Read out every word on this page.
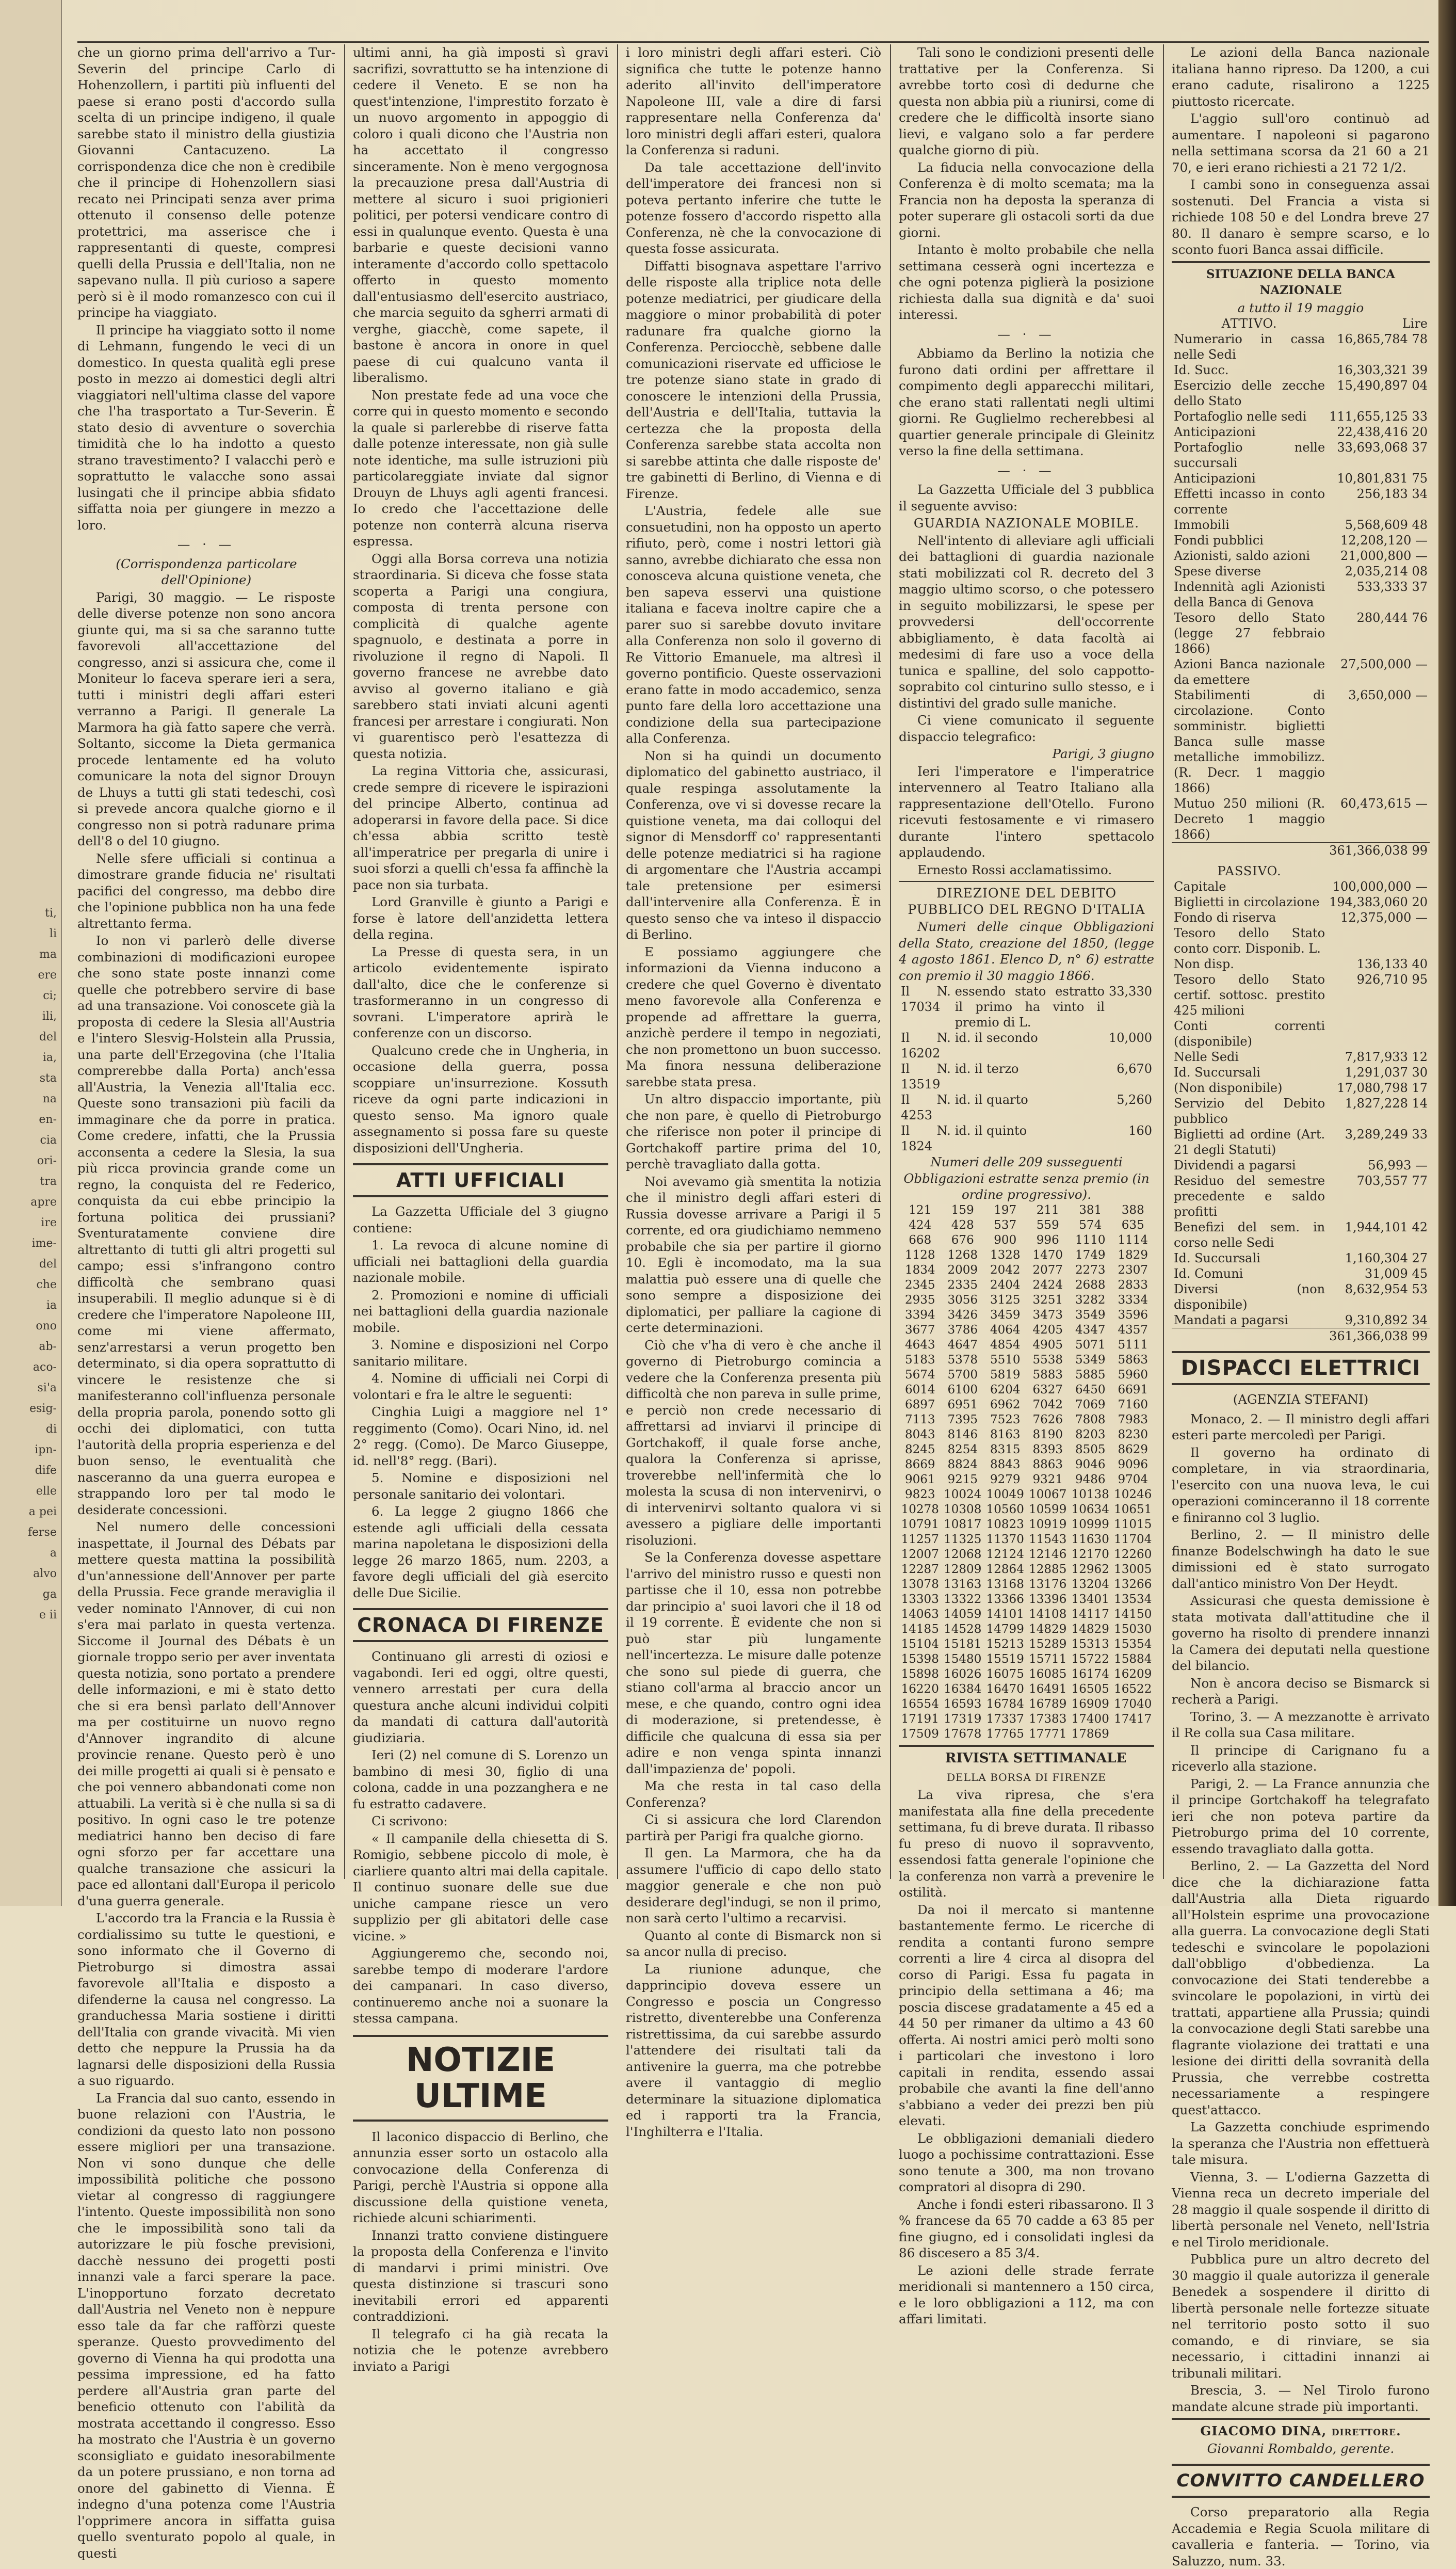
ti,
li
ma
ere
ci;
ili,
del
ia,
sta
na
en-
cia
ori-
tra
apre
ire
ime-
del
che
ia
ono
ab-
aco-
si'a
esig-
di
ipn-
dife
elle
a pei
ferse
a
alvo
ga
e ii

che un giorno prima dell'arrivo a Tur-Severin del principe Carlo di Hohenzollern, i partiti più influenti del paese si erano posti d'accordo sulla scelta di un principe indigeno, il quale sarebbe stato il ministro della giustizia Giovanni Cantacuzeno. La corrispondenza dice che non è credibile che il principe di Hohenzollern siasi recato nei Principati senza aver prima ottenuto il consenso delle potenze protettrici, ma asserisce che i rappresentanti di queste, compresi quelli della Prussia e dell'Italia, non ne sapevano nulla. Il più curioso a sapere però si è il modo romanzesco con cui il principe ha viaggiato.

Il principe ha viaggiato sotto il nome di Lehmann, fungendo le veci di un domestico. In questa qualità egli prese posto in mezzo ai domestici degli altri viaggiatori nell'ultima classe del vapore che l'ha trasportato a Tur-Severin. È stato desio di avventure o soverchia timidità che lo ha indotto a questo strano travestimento? I valacchi però e soprattutto le valacche sono assai lusingati che il principe abbia sfidato siffatta noia per giungere in mezzo a loro.

— · —

(Corrispondenza particolare dell'Opinione)

Parigi, 30 maggio. — Le risposte delle diverse potenze non sono ancora giunte qui, ma si sa che saranno tutte favorevoli all'accettazione del congresso, anzi si assicura che, come il Moniteur lo faceva sperare ieri a sera, tutti i ministri degli affari esteri verranno a Parigi. Il generale La Marmora ha già fatto sapere che verrà. Soltanto, siccome la Dieta germanica procede lentamente ed ha voluto comunicare la nota del signor Drouyn de Lhuys a tutti gli stati tedeschi, così si prevede ancora qualche giorno e il congresso non si potrà radunare prima dell'8 o del 10 giugno.

Nelle sfere ufficiali si continua a dimostrare grande fiducia ne' risultati pacifici del congresso, ma debbo dire che l'opinione pubblica non ha una fede altrettanto ferma.

Io non vi parlerò delle diverse combinazioni di modificazioni europee che sono state poste innanzi come quelle che potrebbero servire di base ad una transazione. Voi conoscete già la proposta di cedere la Slesia all'Austria e l'intero Slesvig-Holstein alla Prussia, una parte dell'Erzegovina (che l'Italia comprerebbe dalla Porta) anch'essa all'Austria, la Venezia all'Italia ecc. Queste sono transazioni più facili da immaginare che da porre in pratica. Come credere, infatti, che la Prussia acconsenta a cedere la Slesia, la sua più ricca provincia grande come un regno, la conquista del re Federico, conquista da cui ebbe principio la fortuna politica dei prussiani? Sventuratamente conviene dire altrettanto di tutti gli altri progetti sul campo; essi s'infrangono contro difficoltà che sembrano quasi insuperabili. Il meglio adunque si è di credere che l'imperatore Napoleone III, come mi viene affermato, senz'arrestarsi a verun progetto ben determinato, si dia opera soprattutto di vincere le resistenze che si manifesteranno coll'influenza personale della propria parola, ponendo sotto gli occhi dei diplomatici, con tutta l'autorità della propria esperienza e del buon senso, le eventualità che nasceranno da una guerra europea e strappando loro per tal modo le desiderate concessioni.

Nel numero delle concessioni inaspettate, il Journal des Débats par mettere questa mattina la possibilità d'un'annessione dell'Annover per parte della Prussia. Fece grande meraviglia il veder nominato l'Annover, di cui non s'era mai parlato in questa vertenza. Siccome il Journal des Débats è un giornale troppo serio per aver inventata questa notizia, sono portato a prendere delle informazioni, e mi è stato detto che si era bensì parlato dell'Annover ma per costituirne un nuovo regno d'Annover ingrandito di alcune provincie renane. Questo però è uno dei mille progetti ai quali si è pensato e che poi vennero abbandonati come non attuabili. La verità si è che nulla si sa di positivo. In ogni caso le tre potenze mediatrici hanno ben deciso di fare ogni sforzo per far accettare una qualche transazione che assicuri la pace ed allontani dall'Europa il pericolo d'una guerra generale.

L'accordo tra la Francia e la Russia è cordialissimo su tutte le questioni, e sono informato che il Governo di Pietroburgo si dimostra assai favorevole all'Italia e disposto a difenderne la causa nel congresso. La granduchessa Maria sostiene i diritti dell'Italia con grande vivacità. Mi vien detto che neppure la Prussia ha da lagnarsi delle disposizioni della Russia a suo riguardo.

La Francia dal suo canto, essendo in buone relazioni con l'Austria, le condizioni da questo lato non possono essere migliori per una transazione. Non vi sono dunque che delle impossibilità politiche che possono vietar al congresso di raggiungere l'intento. Queste impossibilità non sono che le impossibilità sono tali da autorizzare le più fosche previsioni, dacchè nessuno dei progetti posti innanzi vale a farci sperare la pace. L'inopportuno forzato decretato dall'Austria nel Veneto non è neppure esso tale da far che raffòrzi queste speranze. Questo provvedimento del governo di Vienna ha qui prodotta una pessima impressione, ed ha fatto perdere all'Austria gran parte del beneficio ottenuto con l'abilità da mostrata accettando il congresso. Esso ha mostrato che l'Austria è un governo sconsigliato e guidato inesorabilmente da un potere prussiano, e non torna ad onore del gabinetto di Vienna. È indegno d'una potenza come l'Austria l'opprimere ancora in siffatta guisa quello sventurato popolo al quale, in questi

ultimi anni, ha già imposti sì gravi sacrifizi, sovrattutto se ha intenzione di cedere il Veneto. E se non ha quest'intenzione, l'imprestito forzato è un nuovo argomento in appoggio di coloro i quali dicono che l'Austria non ha accettato il congresso sinceramente. Non è meno vergognosa la precauzione presa dall'Austria di mettere al sicuro i suoi prigionieri politici, per potersi vendicare contro di essi in qualunque evento. Questa è una barbarie e queste decisioni vanno interamente d'accordo collo spettacolo offerto in questo momento dall'entusiasmo dell'esercito austriaco, che marcia seguito da sgherri armati di verghe, giacchè, come sapete, il bastone è ancora in onore in quel paese di cui qualcuno vanta il liberalismo.

Non prestate fede ad una voce che corre qui in questo momento e secondo la quale si parlerebbe di riserve fatta dalle potenze interessate, non già sulle note identiche, ma sulle istruzioni più particolareggiate inviate dal signor Drouyn de Lhuys agli agenti francesi. Io credo che l'accettazione delle potenze non conterrà alcuna riserva espressa.

Oggi alla Borsa correva una notizia straordinaria. Si diceva che fosse stata scoperta a Parigi una congiura, composta di trenta persone con complicità di qualche agente spagnuolo, e destinata a porre in rivoluzione il regno di Napoli. Il governo francese ne avrebbe dato avviso al governo italiano e già sarebbero stati inviati alcuni agenti francesi per arrestare i congiurati. Non vi guarentisco però l'esattezza di questa notizia.

La regina Vittoria che, assicurasi, crede sempre di ricevere le ispirazioni del principe Alberto, continua ad adoperarsi in favore della pace. Si dice ch'essa abbia scritto testè all'imperatrice per pregarla di unire i suoi sforzi a quelli ch'essa fa affinchè la pace non sia turbata.

Lord Granville è giunto a Parigi e forse è latore dell'anzidetta lettera della regina.

La Presse di questa sera, in un articolo evidentemente ispirato dall'alto, dice che le conferenze si trasformeranno in un congresso di sovrani. L'imperatore aprirà le conferenze con un discorso.

Qualcuno crede che in Ungheria, in occasione della guerra, possa scoppiare un'insurrezione. Kossuth riceve da ogni parte indicazioni in questo senso. Ma ignoro quale assegnamento si possa fare su queste disposizioni dell'Ungheria.

ATTI UFFICIALI

La Gazzetta Ufficiale del 3 giugno contiene:

1. La revoca di alcune nomine di ufficiali nei battaglioni della guardia nazionale mobile.

2. Promozioni e nomine di ufficiali nei battaglioni della guardia nazionale mobile.

3. Nomine e disposizioni nel Corpo sanitario militare.

4. Nomine di ufficiali nei Corpi di volontari e fra le altre le seguenti:

Cinghia Luigi a maggiore nel 1° reggimento (Como). Ocari Nino, id. nel 2° regg. (Como). De Marco Giuseppe, id. nell'8° regg. (Bari).

5. Nomine e disposizioni nel personale sanitario dei volontari.

6. La legge 2 giugno 1866 che estende agli ufficiali della cessata marina napoletana le disposizioni della legge 26 marzo 1865, num. 2203, a favore degli ufficiali del già esercito delle Due Sicilie.

CRONACA DI FIRENZE

Continuano gli arresti di oziosi e vagabondi. Ieri ed oggi, oltre questi, vennero arrestati per cura della questura anche alcuni individui colpiti da mandati di cattura dall'autorità giudiziaria.

Ieri (2) nel comune di S. Lorenzo un bambino di mesi 30, figlio di una colona, cadde in una pozzanghera e ne fu estratto cadavere.

Ci scrivono:

« Il campanile della chiesetta di S. Romigio, sebbene piccolo di mole, è ciarliere quanto altri mai della capitale. Il continuo suonare delle sue due uniche campane riesce un vero supplizio per gli abitatori delle case vicine. »

Aggiungeremo che, secondo noi, sarebbe tempo di moderare l'ardore dei campanari. In caso diverso, continueremo anche noi a suonare la stessa campana.

NOTIZIE ULTIME

Il laconico dispaccio di Berlino, che annunzia esser sorto un ostacolo alla convocazione della Conferenza di Parigi, perchè l'Austria si oppone alla discussione della quistione veneta, richiede alcuni schiarimenti.

Innanzi tratto conviene distinguere la proposta della Conferenza e l'invito di mandarvi i primi ministri. Ove questa distinzione si trascuri sono inevitabili errori ed apparenti contraddizioni.

Il telegrafo ci ha già recata la notizia che le potenze avrebbero inviato a Parigi

i loro ministri degli affari esteri. Ciò significa che tutte le potenze hanno aderito all'invito dell'imperatore Napoleone III, vale a dire di farsi rappresentare nella Conferenza da' loro ministri degli affari esteri, qualora la Conferenza si raduni.

Da tale accettazione dell'invito dell'imperatore dei francesi non si poteva pertanto inferire che tutte le potenze fossero d'accordo rispetto alla Conferenza, nè che la convocazione di questa fosse assicurata.

Diffatti bisognava aspettare l'arrivo delle risposte alla triplice nota delle potenze mediatrici, per giudicare della maggiore o minor probabilità di poter radunare fra qualche giorno la Conferenza. Perciocchè, sebbene dalle comunicazioni riservate ed ufficiose le tre potenze siano state in grado di conoscere le intenzioni della Prussia, dell'Austria e dell'Italia, tuttavia la certezza che la proposta della Conferenza sarebbe stata accolta non si sarebbe attinta che dalle risposte de' tre gabinetti di Berlino, di Vienna e di Firenze.

L'Austria, fedele alle sue consuetudini, non ha opposto un aperto rifiuto, però, come i nostri lettori già sanno, avrebbe dichiarato che essa non conosceva alcuna quistione veneta, che ben sapeva esservi una quistione italiana e faceva inoltre capire che a parer suo si sarebbe dovuto invitare alla Conferenza non solo il governo di Re Vittorio Emanuele, ma altresì il governo pontificio. Queste osservazioni erano fatte in modo accademico, senza punto fare della loro accettazione una condizione della sua partecipazione alla Conferenza.

Non si ha quindi un documento diplomatico del gabinetto austriaco, il quale respinga assolutamente la Conferenza, ove vi si dovesse recare la quistione veneta, ma dai colloqui del signor di Mensdorff co' rappresentanti delle potenze mediatrici si ha ragione di argomentare che l'Austria accampi tale pretensione per esimersi dall'intervenire alla Conferenza. È in questo senso che va inteso il dispaccio di Berlino.

E possiamo aggiungere che informazioni da Vienna inducono a credere che quel Governo è diventato meno favorevole alla Conferenza e propende ad affrettare la guerra, anzichè perdere il tempo in negoziati, che non promettono un buon successo. Ma finora nessuna deliberazione sarebbe stata presa.

Un altro dispaccio importante, più che non pare, è quello di Pietroburgo che riferisce non poter il principe di Gortchakoff partire prima del 10, perchè travagliato dalla gotta.

Noi avevamo già smentita la notizia che il ministro degli affari esteri di Russia dovesse arrivare a Parigi il 5 corrente, ed ora giudichiamo nemmeno probabile che sia per partire il giorno 10. Egli è incomodato, ma la sua malattia può essere una di quelle che sono sempre a disposizione dei diplomatici, per palliare la cagione di certe determinazioni.

Ciò che v'ha di vero è che anche il governo di Pietroburgo comincia a vedere che la Conferenza presenta più difficoltà che non pareva in sulle prime, e perciò non crede necessario di affrettarsi ad inviarvi il principe di Gortchakoff, il quale forse anche, qualora la Conferenza si aprisse, troverebbe nell'infermità che lo molesta la scusa di non intervenirvi, o di intervenirvi soltanto qualora vi si avessero a pigliare delle importanti risoluzioni.

Se la Conferenza dovesse aspettare l'arrivo del ministro russo e questi non partisse che il 10, essa non potrebbe dar principio a' suoi lavori che il 18 od il 19 corrente. È evidente che non si può star più lungamente nell'incertezza. Le misure dalle potenze che sono sul piede di guerra, che stiano coll'arma al braccio ancor un mese, e che quando, contro ogni idea di moderazione, si pretendesse, è difficile che qualcuna di essa sia per adire e non venga spinta innanzi dall'impazienza de' popoli.

Ma che resta in tal caso della Conferenza?

Ci si assicura che lord Clarendon partirà per Parigi fra qualche giorno.

Il gen. La Marmora, che ha da assumere l'ufficio di capo dello stato maggior generale e che non può desiderare degl'indugi, se non il primo, non sarà certo l'ultimo a recarvisi.

Quanto al conte di Bismarck non si sa ancor nulla di preciso.

La riunione adunque, che dapprincipio doveva essere un Congresso e poscia un Congresso ristretto, diventerebbe una Conferenza ristrettissima, da cui sarebbe assurdo l'attendere dei risultati tali da antivenire la guerra, ma che potrebbe avere il vantaggio di meglio determinare la situazione diplomatica ed i rapporti tra la Francia, l'Inghilterra e l'Italia.

Tali sono le condizioni presenti delle trattative per la Conferenza. Si avrebbe torto così di dedurne che questa non abbia più a riunirsi, come di credere che le difficoltà insorte siano lievi, e valgano solo a far perdere qualche giorno di più.

La fiducia nella convocazione della Conferenza è di molto scemata; ma la Francia non ha deposta la speranza di poter superare gli ostacoli sorti da due giorni.

Intanto è molto probabile che nella settimana cesserà ogni incertezza e che ogni potenza piglierà la posizione richiesta dalla sua dignità e da' suoi interessi.

— · —

Abbiamo da Berlino la notizia che furono dati ordini per affrettare il compimento degli apparecchi militari, che erano stati rallentati negli ultimi giorni. Re Guglielmo recherebbesi al quartier generale principale di Gleinitz verso la fine della settimana.

— · —

La Gazzetta Ufficiale del 3 pubblica il seguente avviso:

GUARDIA NAZIONALE MOBILE.

Nell'intento di alleviare agli ufficiali dei battaglioni di guardia nazionale stati mobilizzati col R. decreto del 3 maggio ultimo scorso, o che potessero in seguito mobilizzarsi, le spese per provvedersi dell'occorrente abbigliamento, è data facoltà ai medesimi di fare uso a voce della tunica e spalline, del solo cappotto-soprabito col cinturino sullo stesso, e i distintivi del grado sulle maniche.

Ci viene comunicato il seguente dispaccio telegrafico:

Parigi, 3 giugno

Ieri l'imperatore e l'imperatrice intervennero al Teatro Italiano alla rappresentazione dell'Otello. Furono ricevuti festosamente e vi rimasero durante l'intero spettacolo applaudendo.

Ernesto Rossi acclamatissimo.

DIREZIONE DEL DEBITO PUBBLICO DEL REGNO D'ITALIA

Numeri delle cinque Obbligazioni della Stato, creazione del 1850, (legge 4 agosto 1861. Elenco D, n° 6) estratte con premio il 30 maggio 1866.

Il N. 17034	essendo stato estratto il primo ha vinto il premio di L.	33,330
Il N. 16202	id. il secondo	10,000
Il N. 13519	id. il terzo	6,670
Il N. 4253	id. il quarto	5,260
Il N. 1824	id. il quinto	160

Numeri delle 209 susseguenti Obbligazioni estratte senza premio (in ordine progressivo).

121	159	197	211	381	388
424	428	537	559	574	635
668	676	900	996	1110	1114
1128	1268	1328	1470	1749	1829
1834	2009	2042	2077	2273	2307
2345	2335	2404	2424	2688	2833
2935	3056	3125	3251	3282	3334
3394	3426	3459	3473	3549	3596
3677	3786	4064	4205	4347	4357
4643	4647	4854	4905	5071	5111
5183	5378	5510	5538	5349	5863
5674	5700	5819	5883	5885	5960
6014	6100	6204	6327	6450	6691
6897	6951	6962	7042	7069	7160
7113	7395	7523	7626	7808	7983
8043	8146	8163	8190	8203	8230
8245	8254	8315	8393	8505	8629
8669	8824	8843	8863	9046	9096
9061	9215	9279	9321	9486	9704
9823	10024	10049	10067	10138	10246
10278	10308	10560	10599	10634	10651
10791	10817	10823	10919	10999	11015
11257	11325	11370	11543	11630	11704
12007	12068	12124	12146	12170	12260
12287	12809	12864	12885	12962	13005
13078	13163	13168	13176	13204	13266
13303	13322	13366	13396	13401	13534
14063	14059	14101	14108	14117	14150
14185	14528	14799	14829	14829	15030
15104	15181	15213	15289	15313	15354
15398	15480	15519	15711	15722	15884
15898	16026	16075	16085	16174	16209
16220	16384	16470	16491	16505	16522
16554	16593	16784	16789	16909	17040
17191	17319	17337	17383	17400	17417
17509	17678	17765	17771	17869	

RIVISTA SETTIMANALE

DELLA BORSA DI FIRENZE

La viva ripresa, che s'era manifestata alla fine della precedente settimana, fu di breve durata. Il ribasso fu preso di nuovo il sopravvento, essendosi fatta generale l'opinione che la conferenza non varrà a prevenire le ostilità.

Da noi il mercato si mantenne bastantemente fermo. Le ricerche di rendita a contanti furono sempre correnti a lire 4 circa al disopra del corso di Parigi. Essa fu pagata in principio della settimana a 46; ma poscia discese gradatamente a 45 ed a 44 50 per rimaner da ultimo a 43 60 offerta. Ai nostri amici però molti sono i particolari che investono i loro capitali in rendita, essendo assai probabile che avanti la fine dell'anno s'abbiano a veder dei prezzi ben più elevati.

Le obbligazioni demaniali diedero luogo a pochissime contrattazioni. Esse sono tenute a 300, ma non trovano compratori al disopra di 290.

Anche i fondi esteri ribassarono. Il 3 % francese da 65 70 cadde a 63 85 per fine giugno, ed i consolidati inglesi da 86 discesero a 85 3/4.

Le azioni delle strade ferrate meridionali si mantennero a 150 circa, e le loro obbligazioni a 112, ma con affari limitati.

Le azioni della Banca nazionale italiana hanno ripreso. Da 1200, a cui erano cadute, risalirono a 1225 piuttosto ricercate.

L'aggio sull'oro continuò ad aumentare. I napoleoni si pagarono nella settimana scorsa da 21 60 a 21 70, e ieri erano richiesti a 21 72 1/2.

I cambi sono in conseguenza assai sostenuti. Del Francia a vista si richiede 108 50 e del Londra breve 27 80. Il danaro è sempre scarso, e lo sconto fuori Banca assai difficile.

SITUAZIONE DELLA BANCA NAZIONALE

a tutto il 19 maggio

ATTIVO.	Lire
Numerario in cassa nelle Sedi	16,865,784 78
Id. Succ.	16,303,321 39
Esercizio delle zecche dello Stato	15,490,897 04
Portafoglio nelle sedi	111,655,125 33
Anticipazioni	22,438,416 20
Portafoglio nelle succursali	33,693,068 37
Anticipazioni	10,801,831 75
Effetti incasso in conto corrente	256,183 34
Immobili	5,568,609 48
Fondi pubblici	12,208,120 —
Azionisti, saldo azioni	21,000,800 —
Spese diverse	2,035,214 08
Indennità agli Azionisti della Banca di Genova	533,333 37
Tesoro dello Stato (legge 27 febbraio 1866)	280,444 76
Azioni Banca nazionale da emettere	27,500,000 —
Stabilimenti di circolazione. Conto somministr. biglietti Banca sulle masse metalliche immobilizz. (R. Decr. 1 maggio 1866)	3,650,000 —
Mutuo 250 milioni (R. Decreto 1 maggio 1866)	60,473,615 —
	361,366,038 99
PASSIVO.	
Capitale	100,000,000 —
Biglietti in circolazione	194,383,060 20
Fondo di riserva	12,375,000 —
Tesoro dello Stato conto corr. Disponib. L.	
Non disp.	136,133 40
Tesoro dello Stato certif. sottosc. prestito 425 milioni	926,710 95
Conti correnti (disponibile)	
Nelle Sedi	7,817,933 12
Id. Succursali	1,291,037 30
(Non disponibile)	17,080,798 17
Servizio del Debito pubblico	1,827,228 14
Biglietti ad ordine (Art. 21 degli Statuti)	3,289,249 33
Dividendi a pagarsi	56,993 —
Residuo del semestre precedente e saldo profitti	703,557 77
Benefizi del sem. in corso nelle Sedi	1,944,101 42
Id. Succursali	1,160,304 27
Id. Comuni	31,009 45
Diversi (non disponibile)	8,632,954 53
Mandati a pagarsi	9,310,892 34
	361,366,038 99
DISPACCI ELETTRICI

(AGENZIA STEFANI)

Monaco, 2. — Il ministro degli affari esteri parte mercoledì per Parigi.

Il governo ha ordinato di completare, in via straordinaria, l'esercito con una nuova leva, le cui operazioni cominceranno il 18 corrente e finiranno col 3 luglio.

Berlino, 2. — Il ministro delle finanze Bodelschwingh ha dato le sue dimissioni ed è stato surrogato dall'antico ministro Von Der Heydt.

Assicurasi che questa demissione è stata motivata dall'attitudine che il governo ha risolto di prendere innanzi la Camera dei deputati nella questione del bilancio.

Non è ancora deciso se Bismarck si recherà a Parigi.

Torino, 3. — A mezzanotte è arrivato il Re colla sua Casa militare.

Il principe di Carignano fu a riceverlo alla stazione.

Parigi, 2. — La France annunzia che il principe Gortchakoff ha telegrafato ieri che non poteva partire da Pietroburgo prima del 10 corrente, essendo travagliato dalla gotta.

Berlino, 2. — La Gazzetta del Nord dice che la dichiarazione fatta dall'Austria alla Dieta riguardo all'Holstein esprime una provocazione alla guerra. La convocazione degli Stati tedeschi e svincolare le popolazioni dall'obbligo d'obbedienza. La convocazione dei Stati tenderebbe a svincolare le popolazioni, in virtù dei trattati, appartiene alla Prussia; quindi la convocazione degli Stati sarebbe una flagrante violazione dei trattati e una lesione dei diritti della sovranità della Prussia, che verrebbe costretta necessariamente a respingere quest'attacco.

La Gazzetta conchiude esprimendo la speranza che l'Austria non effettuerà tale misura.

Vienna, 3. — L'odierna Gazzetta di Vienna reca un decreto imperiale del 28 maggio il quale sospende il diritto di libertà personale nel Veneto, nell'Istria e nel Tirolo meridionale.

Pubblica pure un altro decreto del 30 maggio il quale autorizza il generale Benedek a sospendere il diritto di libertà personale nelle fortezze situate nel territorio posto sotto il suo comando, e di rinviare, se sia necessario, i cittadini innanzi ai tribunali militari.

Brescia, 3. — Nel Tirolo furono mandate alcune strade più importanti.

GIACOMO DINA, direttore.

Giovanni Rombaldo, gerente.

CONVITTO CANDELLERO

Corso preparatorio alla Regia Accademia e Regia Scuola militare di cavalleria e fanteria. — Torino, via Saluzzo, num. 33.
